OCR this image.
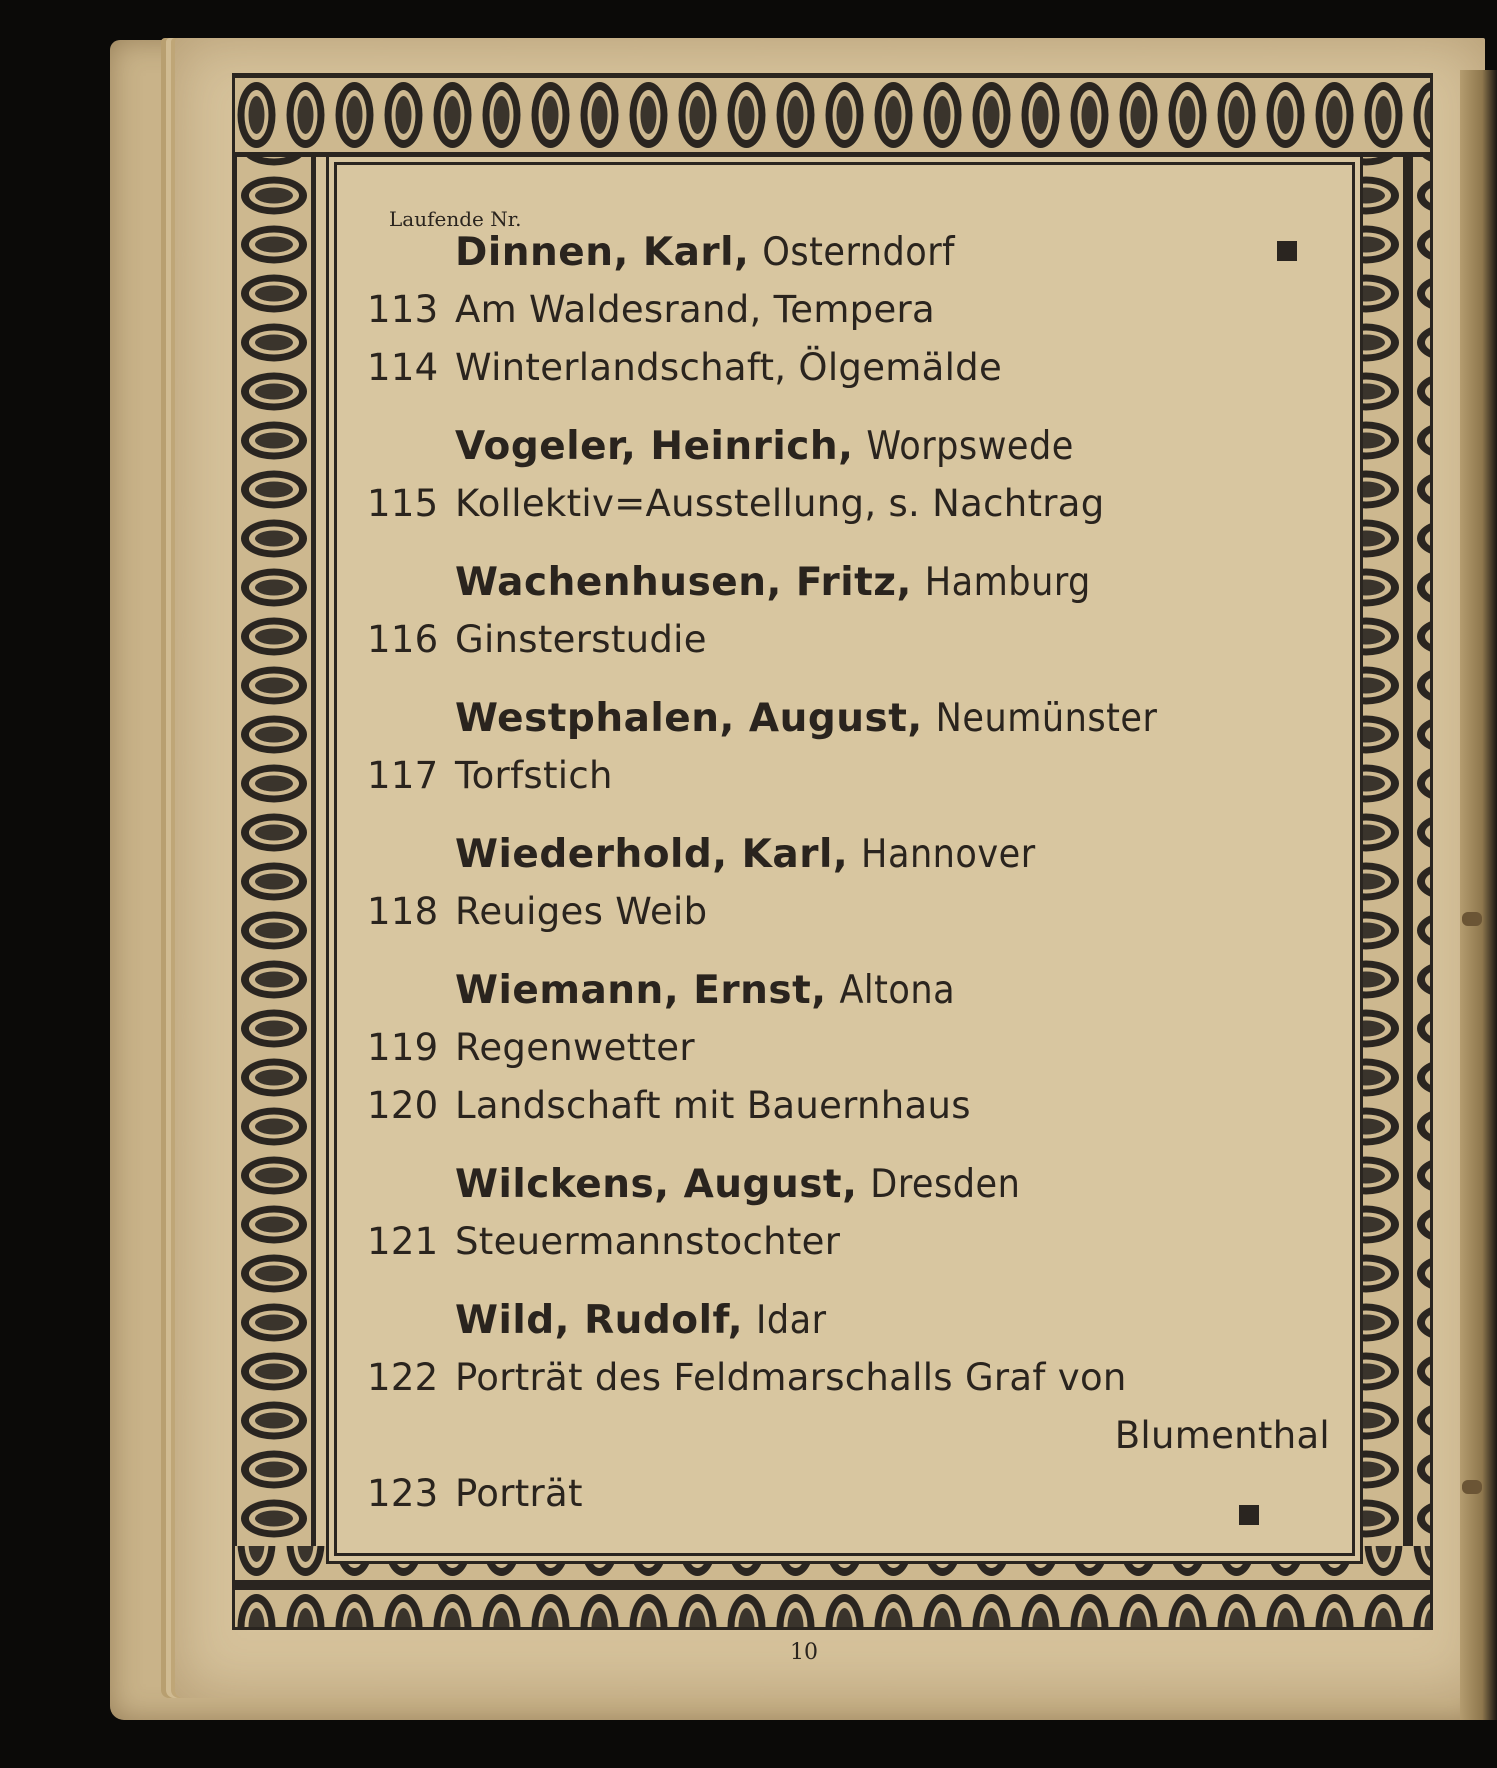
Laufende Nr.
Dinnen, Karl, Osterndorf
113 Am Waldesrand, Tempera
114 Winterlandschaft, Ölgemälde
Vogeler, Heinrich, Worpswede
115 Kollektiv=Ausstellung, s. Nachtrag
Wachenhusen, Fritz, Hamburg
116 Ginsterstudie
Westphalen, August, Neumünster
117 Torfstich
Wiederhold, Karl, Hannover
118 Reuiges Weib
Wiemann, Ernst, Altona
119 Regenwetter
120 Landschaft mit Bauernhaus
Wilckens, August, Dresden
121 Steuermannstochter
Wild, Rudolf, Idar
122 Porträt des Feldmarschalls Graf von
Blumenthal
123 Porträt
10
